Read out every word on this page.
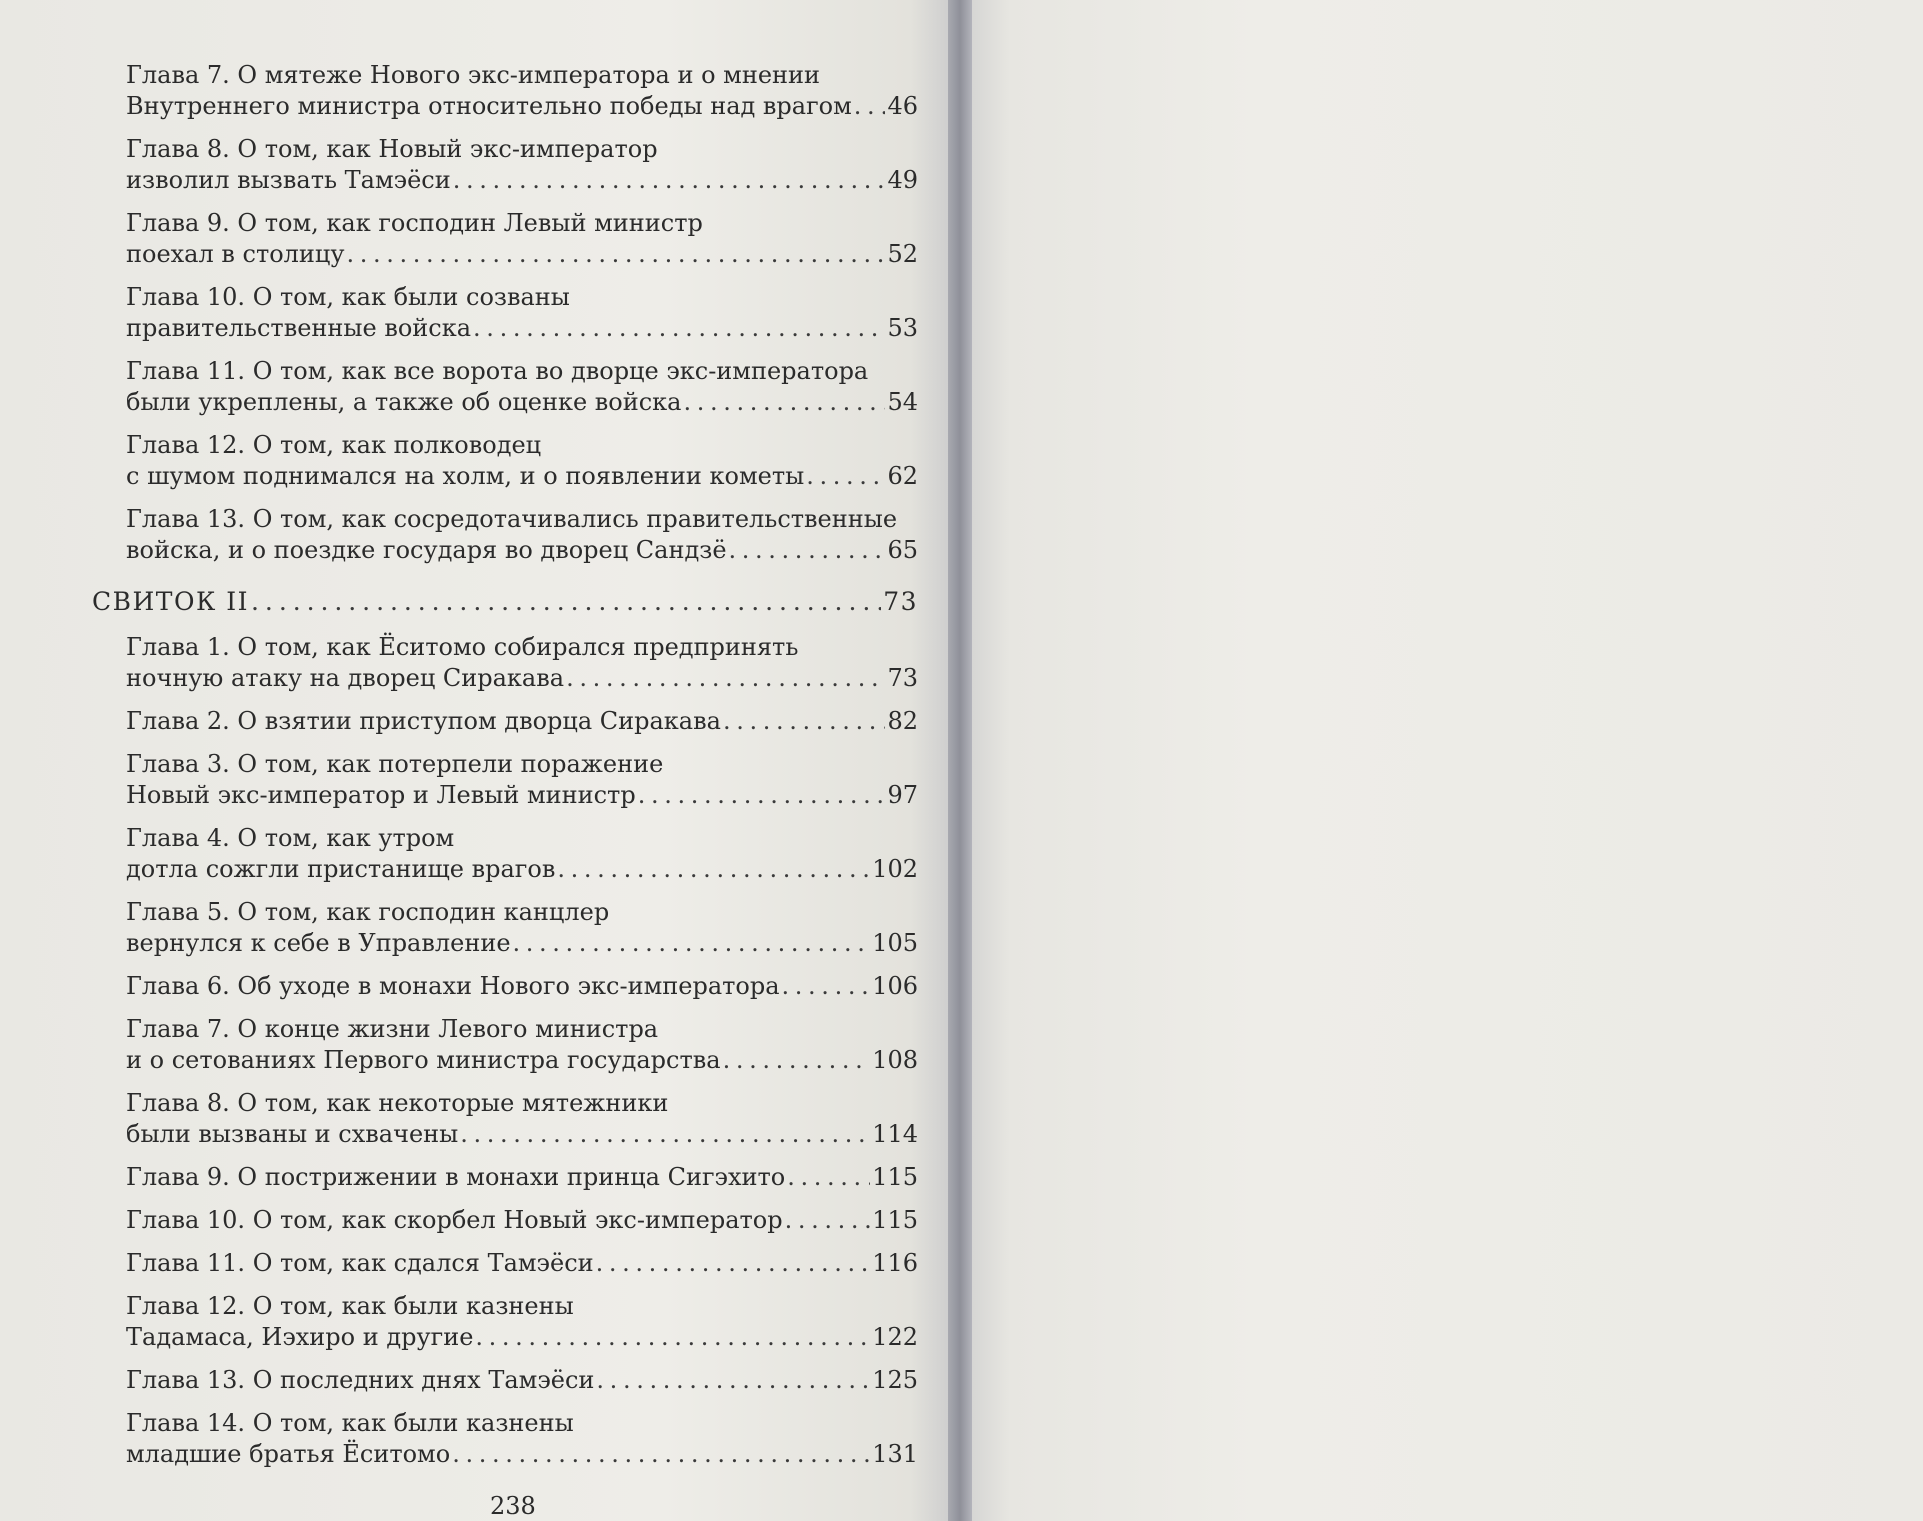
Глава 7. О мятеже Нового экс-императора и о мнении
Внутреннего министра относительно победы над врагом . . . 46
Глава 8. О том, как Новый экс-император
изволил вызвать Тамэёси . . .	49
Глава 9. О том, как господин Левый министр
поехал в столицу . . .	52
Глава 10. О том, как были созваны
правительственные войска . . .	53
Глава 11. О том, как все ворота во дворце экс-императора
были укреплены, а также об оценке войска . . .	54
Глава 12. О том, как полководец
с шумом поднимался на холм, и о появлении кометы . . .	62
Глава 13. О том, как сосредотачивались правительственные
войска, и о поездке государя во дворец Сандзё . . .	65
СВИТОК II . . .	73
Глава 1. О том, как Ёситомо собирался предпринять
ночную атаку на дворец Сиракава . . .	73
Глава 2. О взятии приступом дворца Сиракава . . .	82
Глава 3. О том, как потерпели поражение
Новый экс-император и Левый министр . . .	97
Глава 4. О том, как утром
дотла сожгли пристанище врагов . . .	102
Глава 5. О том, как господин канцлер
вернулся к себе в Управление . . .	105
Глава 6. Об уходе в монахи Нового экс-императора . . .	106
Глава 7. О конце жизни Левого министра
и о сетованиях Первого министра государства . . .	108
Глава 8. О том, как некоторые мятежники
были вызваны и схвачены . . .	114
Глава 9. О пострижении в монахи принца Сигэхито . . .	115
Глава 10. О том, как скорбел Новый экс-император . . .	115
Глава 11. О том, как сдался Тамэёси . . .	116
Глава 12. О том, как были казнены
Тадамаса, Иэхиро и другие . . .	122
Глава 13. О последних днях Тамэёси . . .	125
Глава 14. О том, как были казнены
младшие братья Ёситомо . . .	131
238
